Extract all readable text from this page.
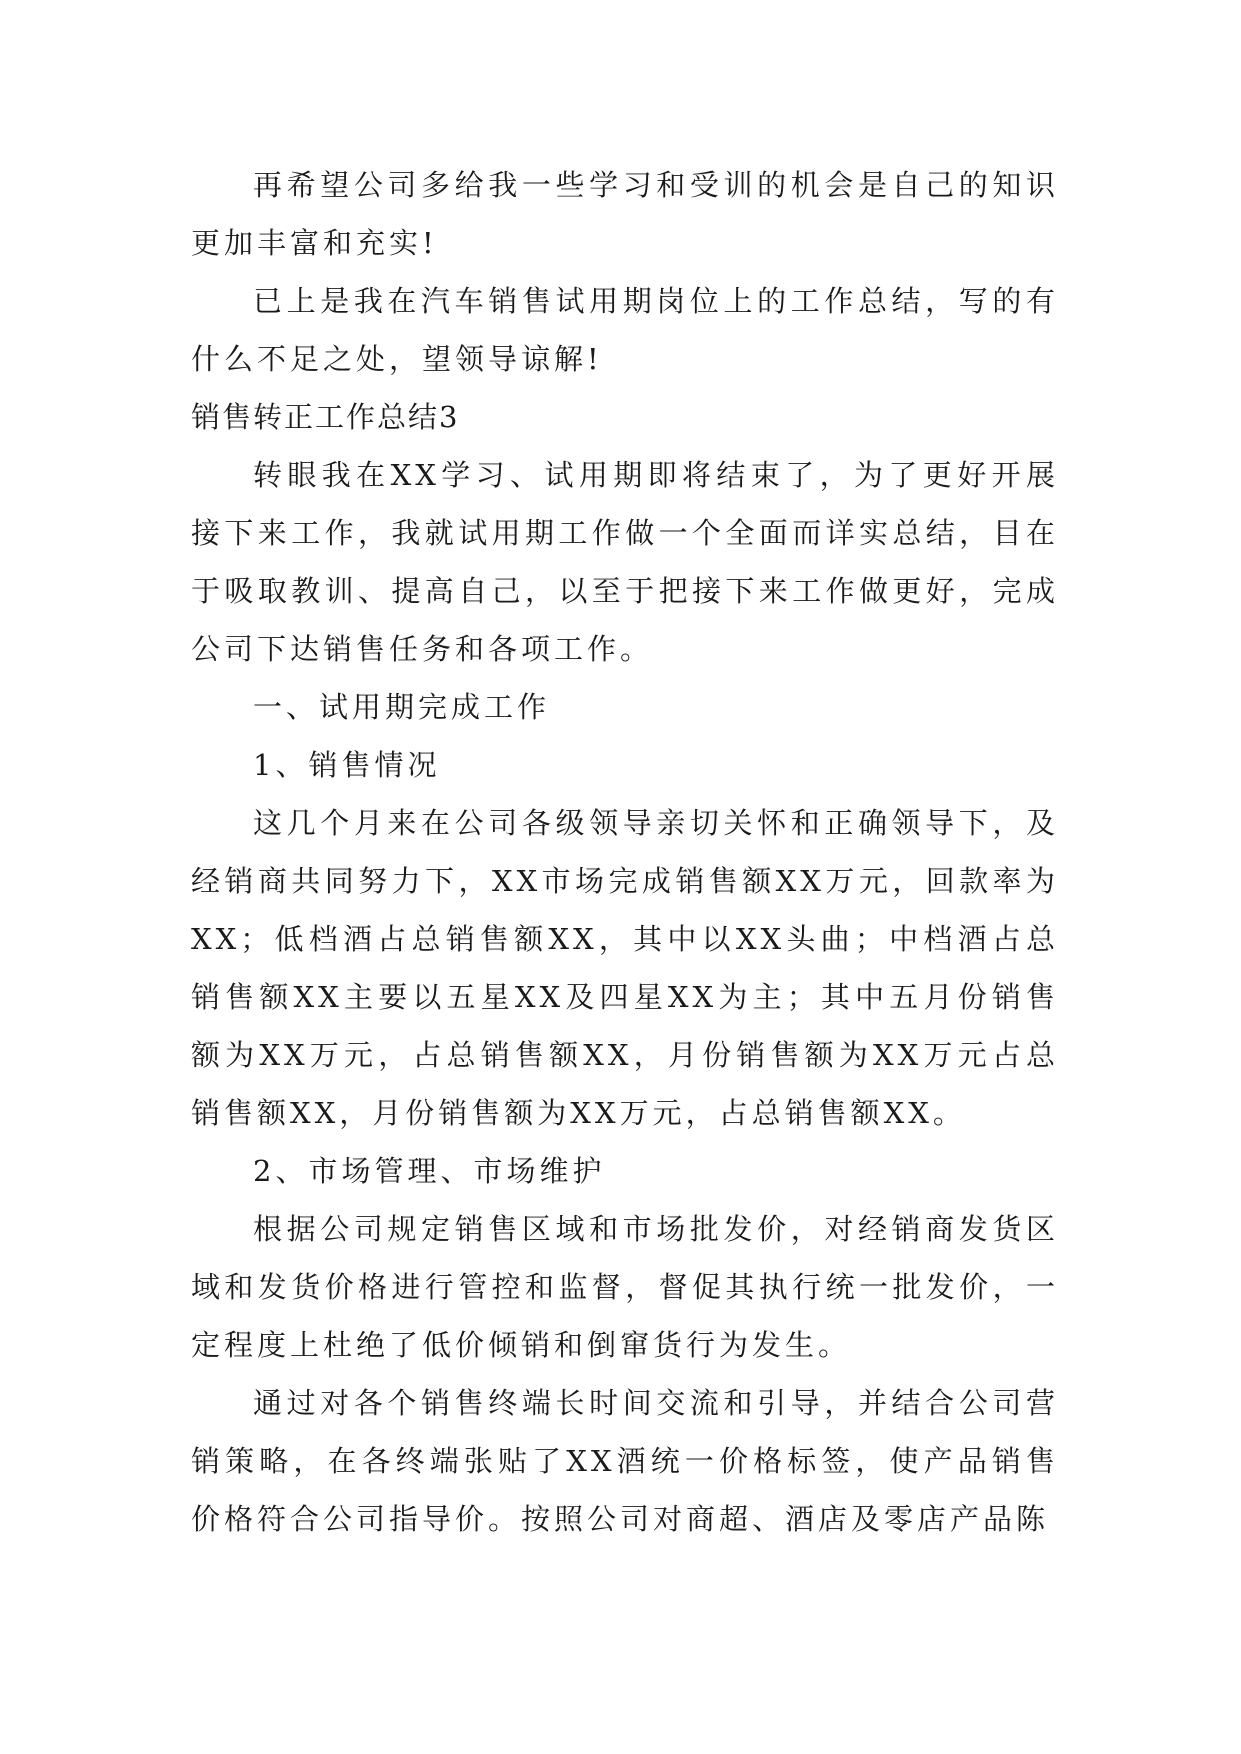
再希望公司多给我一些学习和受训的机会是自己的知识更加丰富和充实!

已上是我在汽车销售试用期岗位上的工作总结，写的有什么不足之处，望领导谅解!

销售转正工作总结3

转眼我在XX学习、试用期即将结束了，为了更好开展接下来工作，我就试用期工作做一个全面而详实总结，目在于吸取教训、提高自己，以至于把接下来工作做更好，完成公司下达销售任务和各项工作。

一、试用期完成工作

1、销售情况

这几个月来在公司各级领导亲切关怀和正确领导下，及经销商共同努力下，XX市场完成销售额XX万元，回款率为XX；低档酒占总销售额XX，其中以XX头曲；中档酒占总销售额XX主要以五星XX及四星XX为主；其中五月份销售额为XX万元，占总销售额XX，月份销售额为XX万元占总销售额XX，月份销售额为XX万元，占总销售额XX。

2、市场管理、市场维护

根据公司规定销售区域和市场批发价，对经销商发货区域和发货价格进行管控和监督，督促其执行统一批发价，一定程度上杜绝了低价倾销和倒窜货行为发生。

通过对各个销售终端长时间交流和引导，并结合公司营销策略，在各终端张贴了XX酒统一价格标签，使产品销售价格符合公司指导价。按照公司对商超、酒店及零店产品陈
